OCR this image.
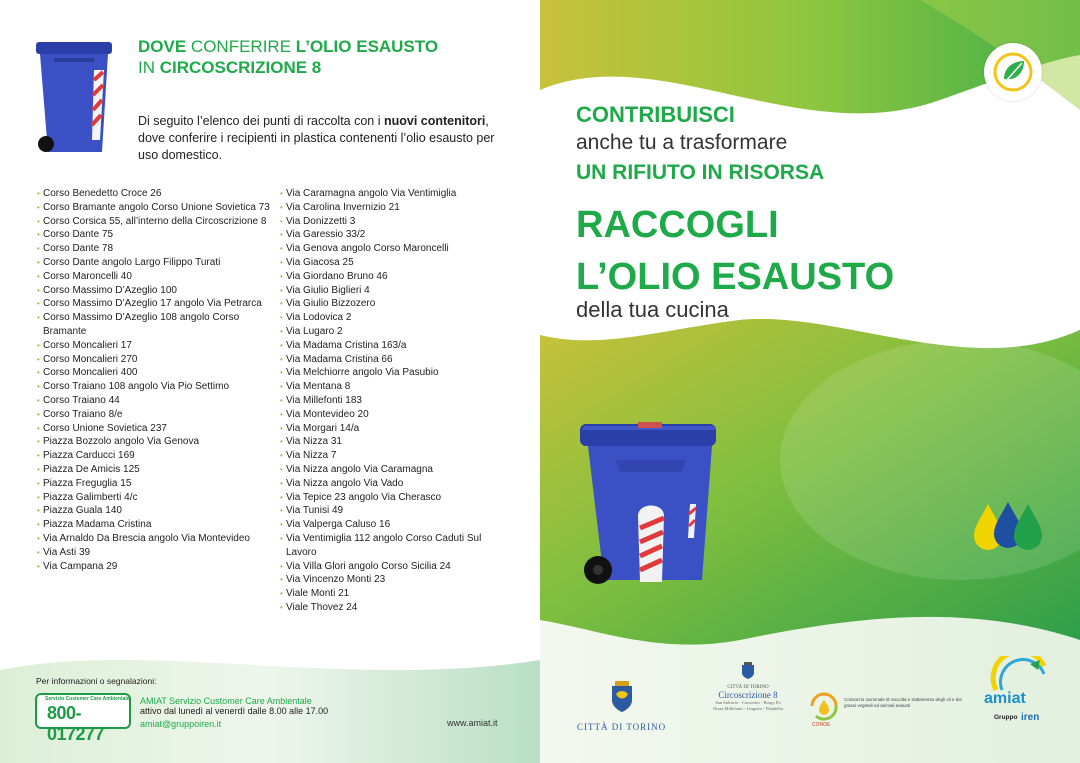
DOVE CONFERIRE L’OLIO ESAUSTO
IN CIRCOSCRIZIONE 8
Di seguito l’elenco dei punti di raccolta con i nuovi contenitori, dove conferire i recipienti in plastica contenenti l’olio esausto per uso domestico.
• Corso Benedetto Croce 26
• Corso Bramante angolo Corso Unione Sovietica 73
• Corso Corsica 55, all’interno della Circoscrizione 8
• Corso Dante 75
• Corso Dante 78
• Corso Dante angolo Largo Filippo Turati
• Corso Maroncelli 40
• Corso Massimo D’Azeglio 100
• Corso Massimo D’Azeglio 17 angolo Via Petrarca
• Corso Massimo D’Azeglio 108 angolo Corso Bramante
• Corso Moncalieri 17
• Corso Moncalieri 270
• Corso Moncalieri 400
• Corso Traiano 108 angolo Via Pio Settimo
• Corso Traiano 44
• Corso Traiano 8/e
• Corso Unione Sovietica 237
• Piazza Bozzolo angolo Via Genova
• Piazza Carducci 169
• Piazza De Amicis 125
• Piazza Freguglia 15
• Piazza Galimberti 4/c
• Piazza Guala 140
• Piazza Madama Cristina
• Via Arnaldo Da Brescia angolo Via Montevideo
• Via Asti 39
• Via Campana 29
• Via Caramagna angolo Via Ventimiglia
• Via Carolina Invernizio 21
• Via Donizzetti 3
• Via Garessio 33/2
• Via Genova angolo Corso Maroncelli
• Via Giacosa 25
• Via Giordano Bruno 46
• Via Giulio Biglieri 4
• Via Giulio Bizzozero
• Via Lodovica 2
• Via Lugaro 2
• Via Madama Cristina 163/a
• Via Madama Cristina 66
• Via Melchiorre angolo Via Pasubio
• Via Mentana 8
• Via Millefonti 183
• Via Montevideo 20
• Via Morgari 14/a
• Via Nizza 31
• Via Nizza 7
• Via Nizza angolo Via Caramagna
• Via Nizza angolo Via Vado
• Via Tepice 23 angolo Via Cherasco
• Via Tunisi 49
• Via Valperga Caluso 16
• Via Ventimiglia 112 angolo Corso Caduti Sul Lavoro
• Via Villa Glori angolo Corso Sicilia 24
• Via Vincenzo Monti 23
• Viale Monti 21
• Viale Thovez 24
Per informazioni o segnalazioni:
Servizio Customer Care Ambientale
800-017277
AMIAT Servizio Customer Care Ambientale
attivo dal lunedì al venerdì dalle 8.00 alle 17.00
amiat@gruppoiren.it	www.amiat.it
CONTRIBUISCI
anche tu a trasformare
UN RIFIUTO IN RISORSA
RACCOGLI
L’OLIO ESAUSTO
della tua cucina
CITTÀ DI TORINO
CITTÀ DI TORINO
Circoscrizione 8
San Salvario - Cavoretto - Borgo Po
Nizza Millefonti - Lingotto - Filadelfia
CONOE
Consorzio nazionale di raccolta e trattamento degli oli e dei grassi vegetali ed animali esausti	amiat
Gruppo iren
